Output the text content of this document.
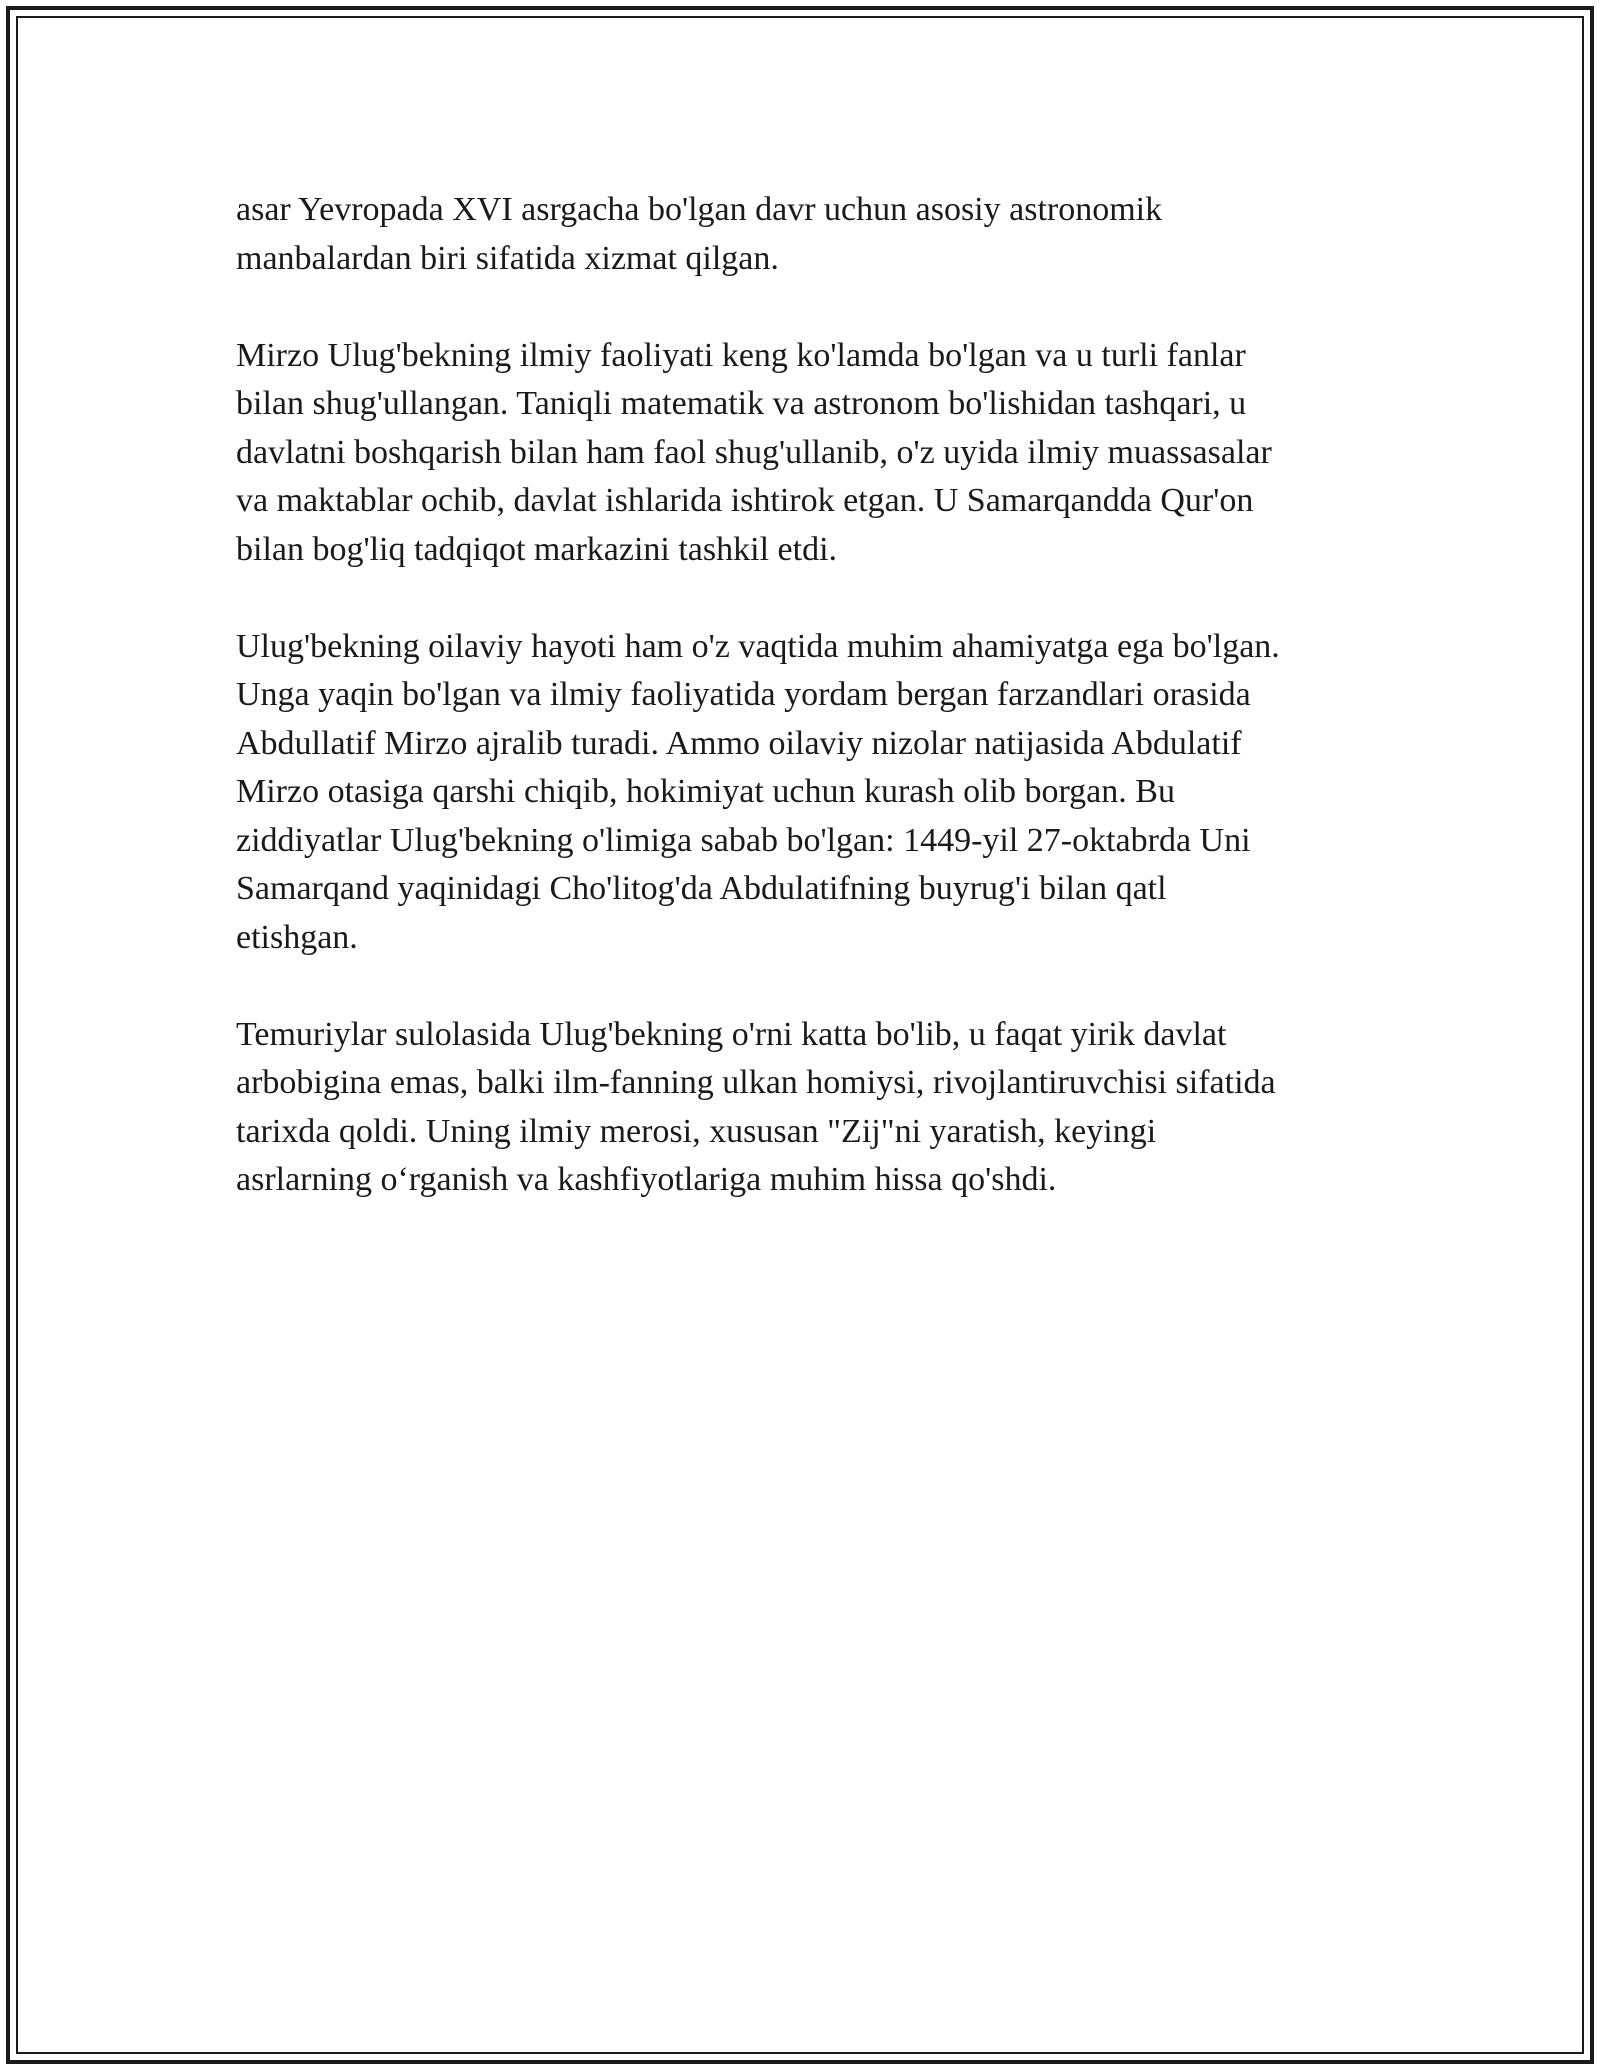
asar Yevropada XVI asrgacha bo'lgan davr uchun asosiy astronomik
manbalardan biri sifatida xizmat qilgan.

Mirzo Ulug'bekning ilmiy faoliyati keng ko'lamda bo'lgan va u turli fanlar
bilan shug'ullangan. Taniqli matematik va astronom bo'lishidan tashqari, u
davlatni boshqarish bilan ham faol shug'ullanib, o'z uyida ilmiy muassasalar
va maktablar ochib, davlat ishlarida ishtirok etgan. U Samarqandda Qur'on
bilan bog'liq tadqiqot markazini tashkil etdi.

Ulug'bekning oilaviy hayoti ham o'z vaqtida muhim ahamiyatga ega bo'lgan.
Unga yaqin bo'lgan va ilmiy faoliyatida yordam bergan farzandlari orasida
Abdullatif Mirzo ajralib turadi. Ammo oilaviy nizolar natijasida Abdulatif
Mirzo otasiga qarshi chiqib, hokimiyat uchun kurash olib borgan. Bu
ziddiyatlar Ulug'bekning o'limiga sabab bo'lgan: 1449-yil 27-oktabrda Uni
Samarqand yaqinidagi Cho'litog'da Abdulatifning buyrug'i bilan qatl
etishgan.

Temuriylar sulolasida Ulug'bekning o'rni katta bo'lib, u faqat yirik davlat
arbobigina emas, balki ilm-fanning ulkan homiysi, rivojlantiruvchisi sifatida
tarixda qoldi. Uning ilmiy merosi, xususan "Zij"ni yaratish, keyingi
asrlarning o‘rganish va kashfiyotlariga muhim hissa qo'shdi.
